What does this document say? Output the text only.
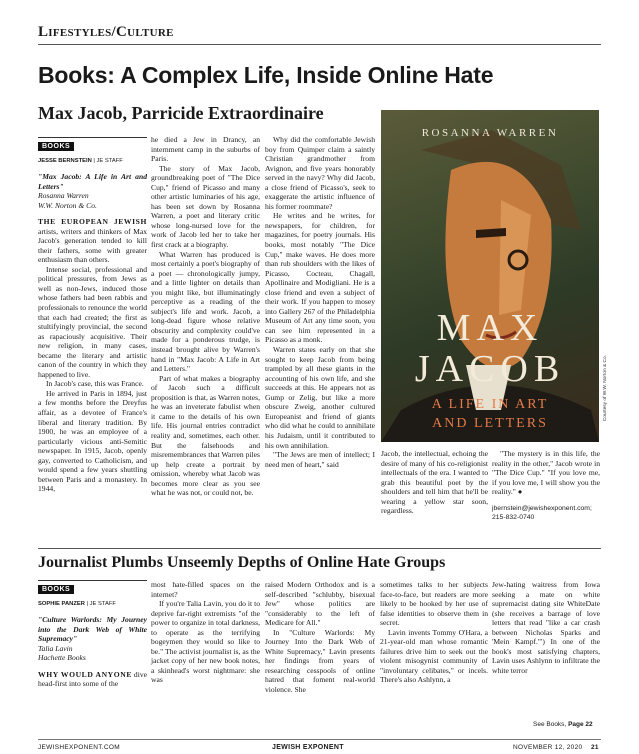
Lifestyles/Culture
Books: A Complex Life, Inside Online Hate
Max Jacob, Parricide Extraordinaire
BOOKS
JESSE BERNSTEIN | JE STAFF
"Max Jacob: A Life in Art and Letters"
Rosanna Warren
W.W. Norton & Co.

THE EUROPEAN JEWISH artists, writers and thinkers of Max Jacob's generation tended to kill their fathers, some with greater enthusiasm than others.

Intense social, professional and political pressures, from Jews as well as non-Jews, induced those whose fathers had been rabbis and professionals to renounce the world that each had created; the first as stultifyingly provincial, the second as rapaciously acquisitive. Their new religion, in many cases, became the literary and artistic canon of the country in which they happened to live.

In Jacob's case, this was France.

He arrived in Paris in 1894, just a few months before the Dreyfus affair, as a devotee of France's liberal and literary tradition. By 1900, he was an employee of a particularly vicious anti-Semitic newspaper. In 1915, Jacob, openly gay, converted to Catholicism, and would spend a few years shuttling between Paris and a monastery. In 1944,

he died a Jew in Drancy, an internment camp in the suburbs of Paris.

The story of Max Jacob, groundbreaking poet of "The Dice Cup," friend of Picasso and many other artistic luminaries of his age, has been set down by Rosanna Warren, a poet and literary critic whose long-nursed love for the work of Jacob led her to take her first crack at a biography.

What Warren has produced is most certainly a poet's biography of a poet — chronologically jumpy, and a little lighter on details than you might like, but illuminatingly perceptive as a reading of the subject's life and work. Jacob, a long-dead figure whose relative obscurity and complexity could've made for a ponderous trudge, is instead brought alive by Warren's hand in "Max Jacob: A Life in Art and Letters."

Part of what makes a biography of Jacob such a difficult proposition is that, as Warren notes, he was an inveterate fabulist when it came to the details of his own life. His journal entries contradict reality and, sometimes, each other. But the falsehoods and misremembrances that Warren piles up help create a portrait by omission, whereby what Jacob was becomes more clear as you see what he was not, or could not, be.

Why did the comfortable Jewish boy from Quimper claim a saintly Christian grandmother from Avignon, and five years honorably served in the navy? Why did Jacob, a close friend of Picasso's, seek to exaggerate the artistic influence of his former roommate?

He writes and he writes, for newspapers, for children, for magazines, for poetry journals. His books, most notably "The Dice Cup," make waves. He does more than rub shoulders with the likes of Picasso, Cocteau, Chagall, Apollinaire and Modigliani. He is a close friend and even a subject of their work. If you happen to mosey into Gallery 267 of the Philadelphia Museum of Art any time soon, you can see him represented in a Picasso as a monk.

Warren states early on that she sought to keep Jacob from being trampled by all these giants in the accounting of his own life, and she succeeds at this. He appears not as Gump or Zelig, but like a more obscure Zweig, another cultured Europeanist and friend of giants who did what he could to annihilate his Judaism, until it contributed to his own annihilation.

"The Jews are men of intellect; I need men of heart," said

ROSANNA WARREN
MAX
JACOB
A LIFE IN ART
AND LETTERS
Courtesy of W.W. Norton & Co.

Jacob, the intellectual, echoing the desire of many of his co-religionist intellectuals of the era. I wanted to grab this beautiful poet by the shoulders and tell him that he'll be wearing a yellow star soon, regardless.

"The mystery is in this life, the reality in the other," Jacob wrote in "The Dice Cup." "If you love me, if you love me, I will show you the reality." ●

jbernstein@jewishexponent.com;
215-832-0740
Journalist Plumbs Unseemly Depths of Online Hate Groups
BOOKS
SOPHIE PANZER | JE STAFF
"Culture Warlords: My Journey into the Dark Web of White Supremacy"
Talia Lavin
Hachette Books

WHY WOULD ANYONE dive head-first into some of the

most hate-filled spaces on the internet?

If you're Talia Lavin, you do it to deprive far-right extremists "of the power to organize in total darkness, to operate as the terrifying bogeymen they would so like to be." The activist journalist is, as the jacket copy of her new book notes, a skinhead's worst nightmare: she was

raised Modern Orthodox and is a self-described "schlubby, bisexual Jew" whose politics are "considerably to the left of Medicare for All."

In "Culture Warlords: My Journey Into the Dark Web of White Supremacy," Lavin presents her findings from years of researching cesspools of online hatred that foment real-world violence. She

sometimes talks to her subjects face-to-face, but readers are more likely to be hooked by her use of false identities to observe them in secret.

Lavin invents Tommy O'Hara, a 21-year-old man whose romantic failures drive him to seek out the violent misogynist community of "involuntary celibates," or incels. There's also Ashlynn, a

Jew-hating waitress from Iowa seeking a mate on white supremacist dating site WhiteDate (she receives a barrage of love letters that read "like a car crash between Nicholas Sparks and 'Mein Kampf.'") In one of the book's most satisfying chapters, Lavin uses Ashlynn to infiltrate the white terror

See Books, Page 22
JEWISHEXPONENT.COM	JEWISH EXPONENT	NOVEMBER 12, 2020 21
